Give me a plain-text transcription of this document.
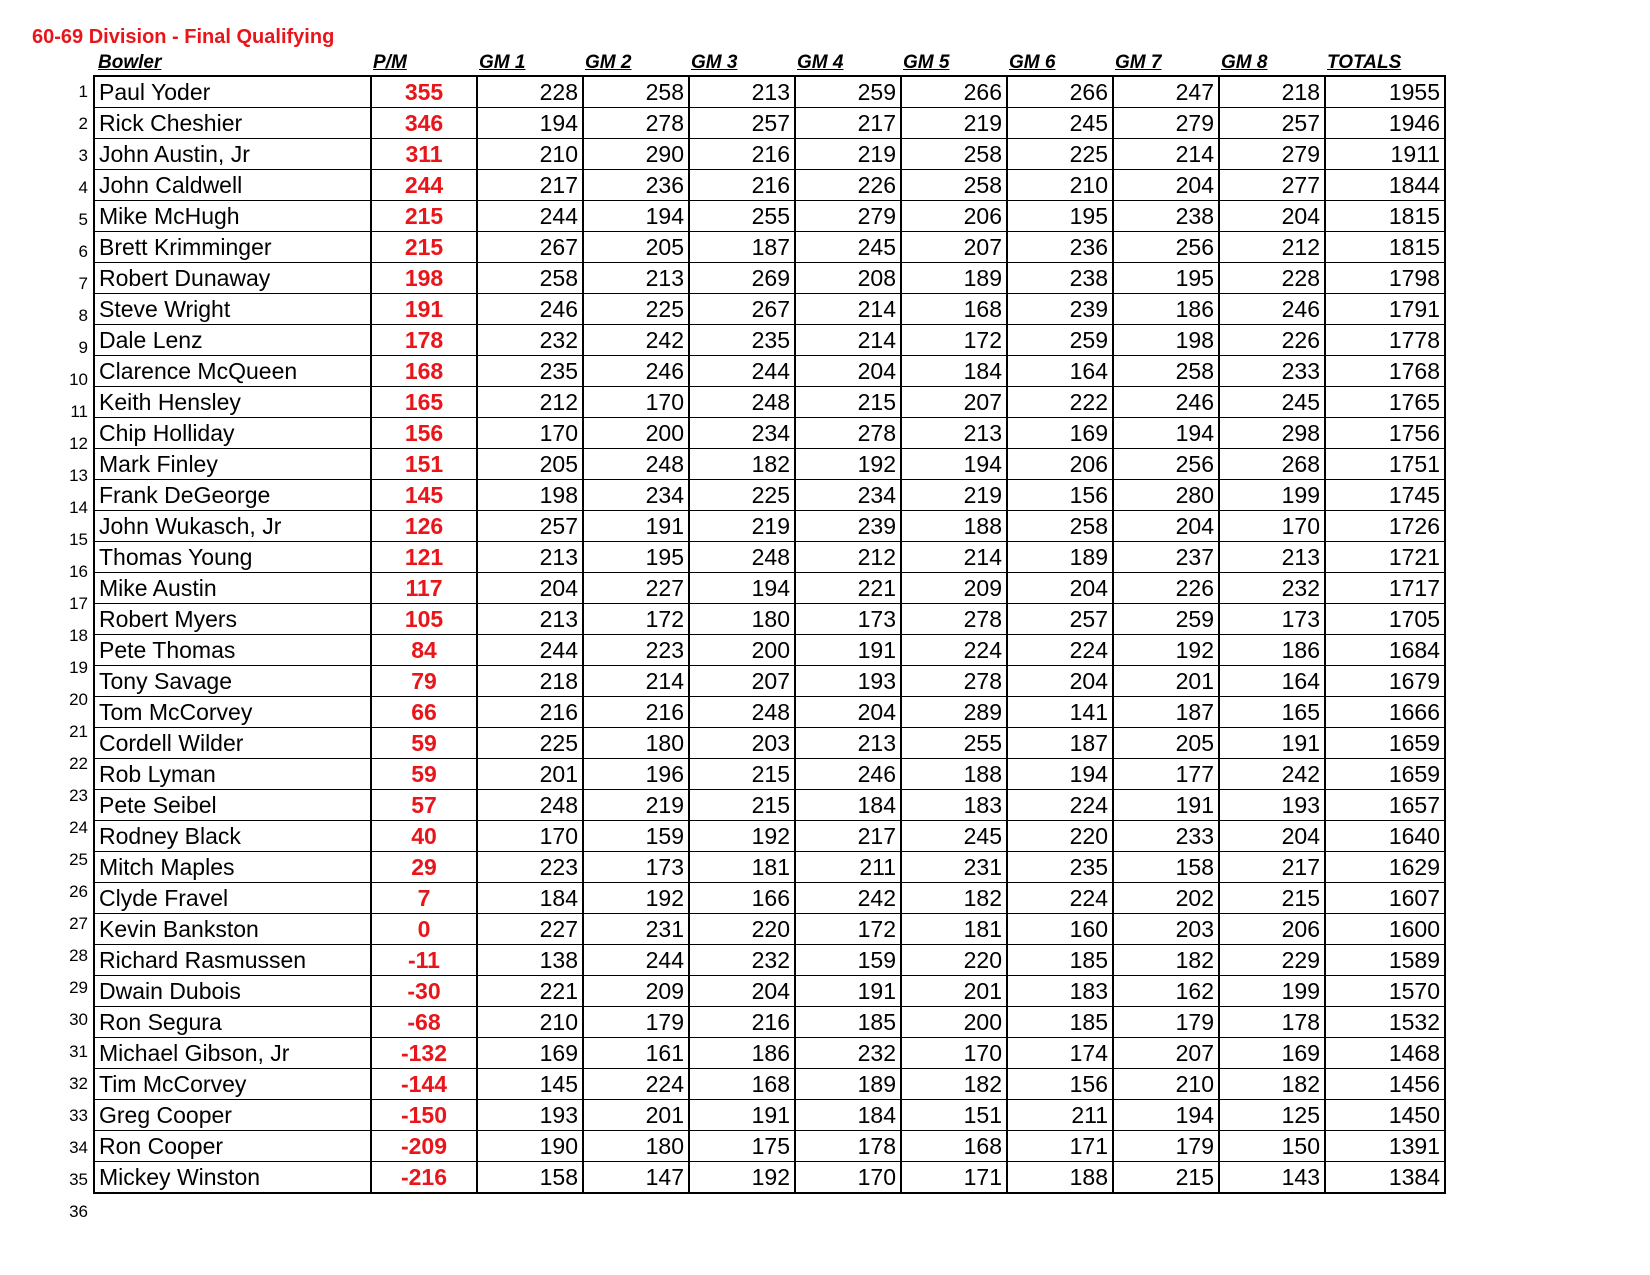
60-69 Division - Final Qualifying
Bowler	P/M	GM 1	GM 2	GM 3	GM 4	GM 5	GM 6	GM 7	GM 8	TOTALS
1
2
3
4
5
6
7
8
9
10
11
12
13
14
15
16
17
18
19
20
21
22
23
24
25
26
27
28
29
30
31
32
33
34
35
36
Paul Yoder	355	228	258	213	259	266	266	247	218	1955
Rick Cheshier	346	194	278	257	217	219	245	279	257	1946
John Austin, Jr	311	210	290	216	219	258	225	214	279	1911
John Caldwell	244	217	236	216	226	258	210	204	277	1844
Mike McHugh	215	244	194	255	279	206	195	238	204	1815
Brett Krimminger	215	267	205	187	245	207	236	256	212	1815
Robert Dunaway	198	258	213	269	208	189	238	195	228	1798
Steve Wright	191	246	225	267	214	168	239	186	246	1791
Dale Lenz	178	232	242	235	214	172	259	198	226	1778
Clarence McQueen	168	235	246	244	204	184	164	258	233	1768
Keith Hensley	165	212	170	248	215	207	222	246	245	1765
Chip Holliday	156	170	200	234	278	213	169	194	298	1756
Mark Finley	151	205	248	182	192	194	206	256	268	1751
Frank DeGeorge	145	198	234	225	234	219	156	280	199	1745
John Wukasch, Jr	126	257	191	219	239	188	258	204	170	1726
Thomas Young	121	213	195	248	212	214	189	237	213	1721
Mike Austin	117	204	227	194	221	209	204	226	232	1717
Robert Myers	105	213	172	180	173	278	257	259	173	1705
Pete Thomas	84	244	223	200	191	224	224	192	186	1684
Tony Savage	79	218	214	207	193	278	204	201	164	1679
Tom McCorvey	66	216	216	248	204	289	141	187	165	1666
Cordell Wilder	59	225	180	203	213	255	187	205	191	1659
Rob Lyman	59	201	196	215	246	188	194	177	242	1659
Pete Seibel	57	248	219	215	184	183	224	191	193	1657
Rodney Black	40	170	159	192	217	245	220	233	204	1640
Mitch Maples	29	223	173	181	211	231	235	158	217	1629
Clyde Fravel	7	184	192	166	242	182	224	202	215	1607
Kevin Bankston	0	227	231	220	172	181	160	203	206	1600
Richard Rasmussen	-11	138	244	232	159	220	185	182	229	1589
Dwain Dubois	-30	221	209	204	191	201	183	162	199	1570
Ron Segura	-68	210	179	216	185	200	185	179	178	1532
Michael Gibson, Jr	-132	169	161	186	232	170	174	207	169	1468
Tim McCorvey	-144	145	224	168	189	182	156	210	182	1456
Greg Cooper	-150	193	201	191	184	151	211	194	125	1450
Ron Cooper	-209	190	180	175	178	168	171	179	150	1391
Mickey Winston	-216	158	147	192	170	171	188	215	143	1384
